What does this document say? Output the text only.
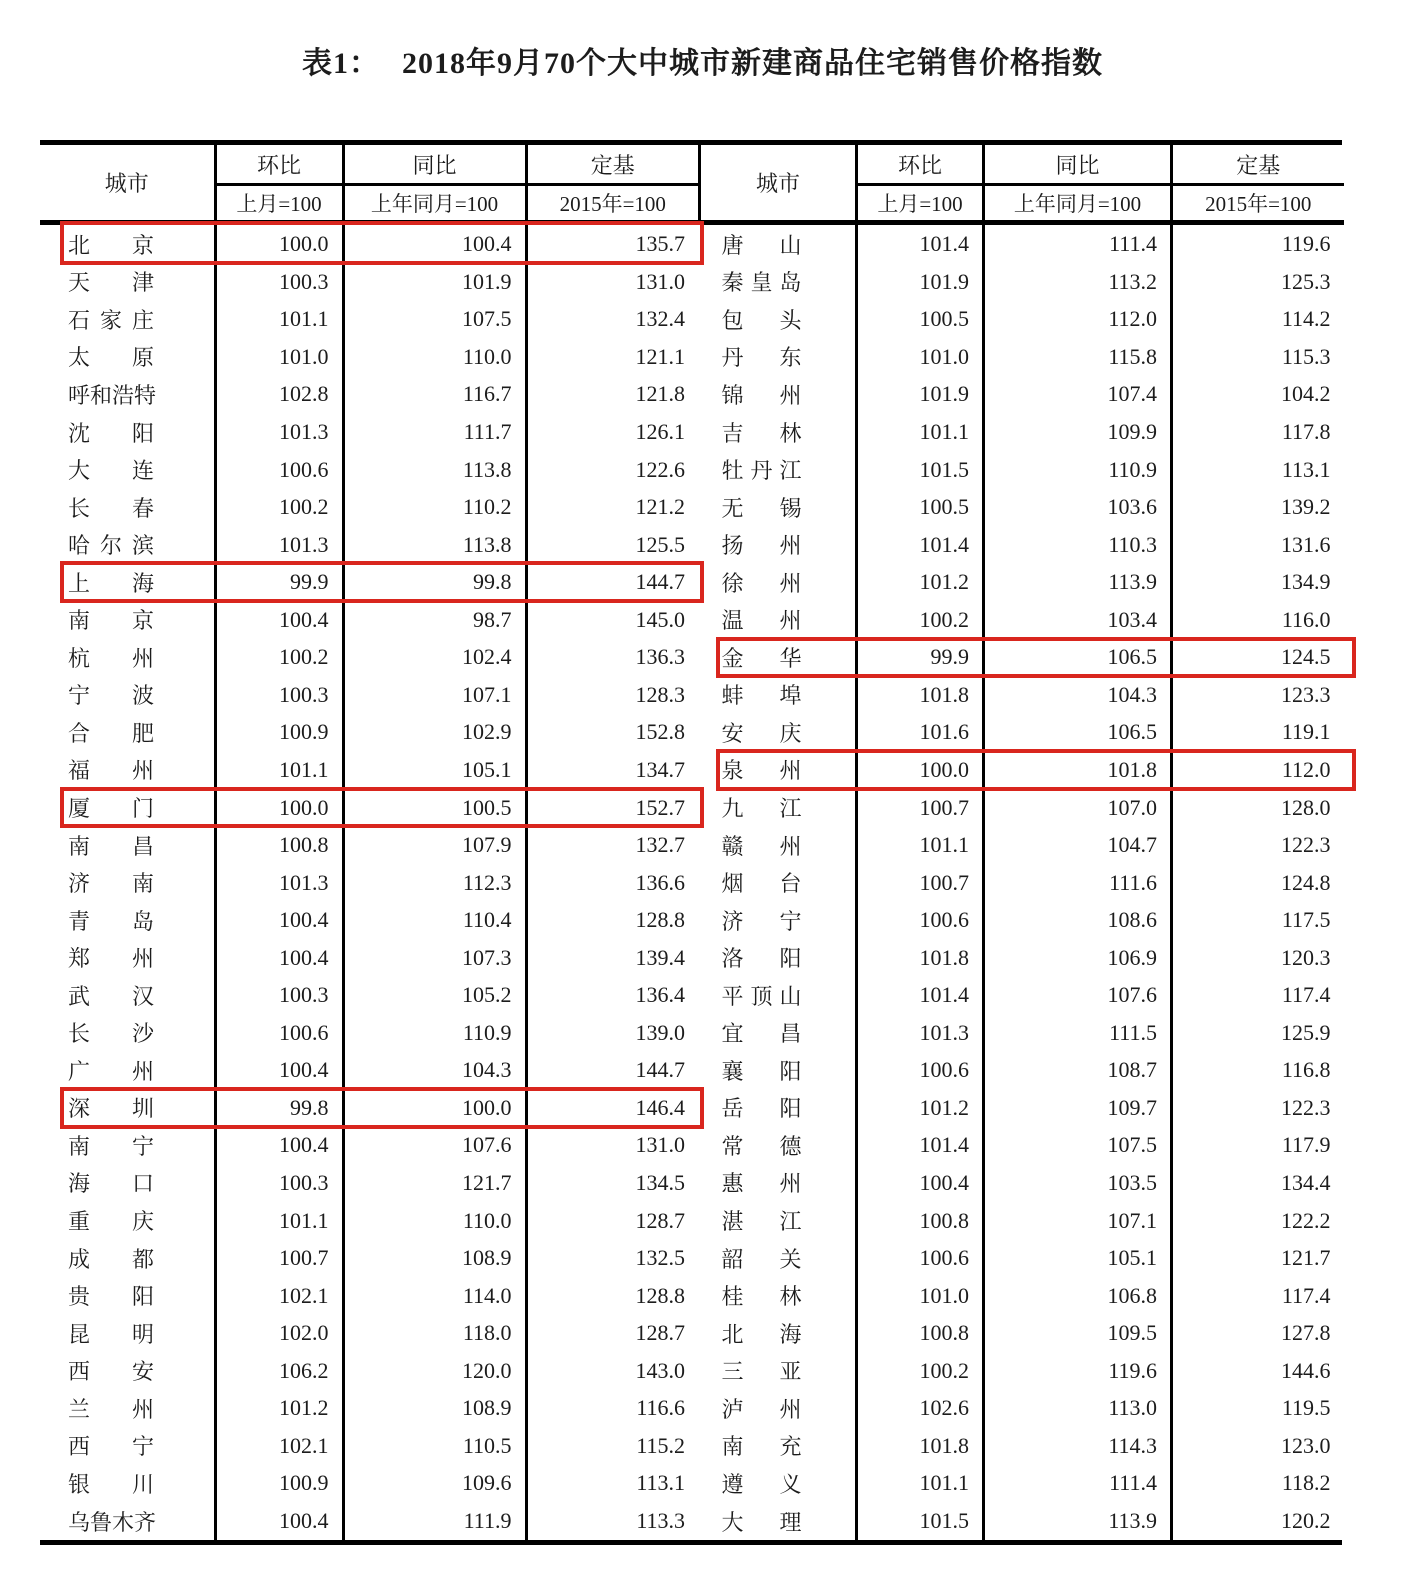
表1： 2018年9月70个大中城市新建商品住宅销售价格指数
城市	环比	同比	定基
	上月=100	上年同月=100	2015年=100

北京	100.0	100.4	135.7

天津	100.3	101.9	131.0

石家庄	101.1	107.5	132.4

太原	101.0	110.0	121.1

呼和浩特	102.8	116.7	121.8

沈阳	101.3	111.7	126.1

大连	100.6	113.8	122.6

长春	100.2	110.2	121.2

哈尔滨	101.3	113.8	125.5

上海	99.9	99.8	144.7

南京	100.4	98.7	145.0

杭州	100.2	102.4	136.3

宁波	100.3	107.1	128.3

合肥	100.9	102.9	152.8

福州	101.1	105.1	134.7

厦门	100.0	100.5	152.7

南昌	100.8	107.9	132.7

济南	101.3	112.3	136.6

青岛	100.4	110.4	128.8

郑州	100.4	107.3	139.4

武汉	100.3	105.2	136.4

长沙	100.6	110.9	139.0

广州	100.4	104.3	144.7

深圳	99.8	100.0	146.4

南宁	100.4	107.6	131.0

海口	100.3	121.7	134.5

重庆	101.1	110.0	128.7

成都	100.7	108.9	132.5

贵阳	102.1	114.0	128.8

昆明	102.0	118.0	128.7

西安	106.2	120.0	143.0

兰州	101.2	108.9	116.6

西宁	102.1	110.5	115.2

银川	100.9	109.6	113.1

乌鲁木齐	100.4	111.9	113.3
城市	环比	同比	定基
	上月=100	上年同月=100	2015年=100

唐山	101.4	111.4	119.6

秦皇岛	101.9	113.2	125.3

包头	100.5	112.0	114.2

丹东	101.0	115.8	115.3

锦州	101.9	107.4	104.2

吉林	101.1	109.9	117.8

牡丹江	101.5	110.9	113.1

无锡	100.5	103.6	139.2

扬州	101.4	110.3	131.6

徐州	101.2	113.9	134.9

温州	100.2	103.4	116.0

金华	99.9	106.5	124.5

蚌埠	101.8	104.3	123.3

安庆	101.6	106.5	119.1

泉州	100.0	101.8	112.0

九江	100.7	107.0	128.0

赣州	101.1	104.7	122.3

烟台	100.7	111.6	124.8

济宁	100.6	108.6	117.5

洛阳	101.8	106.9	120.3

平顶山	101.4	107.6	117.4

宜昌	101.3	111.5	125.9

襄阳	100.6	108.7	116.8

岳阳	101.2	109.7	122.3

常德	101.4	107.5	117.9

惠州	100.4	103.5	134.4

湛江	100.8	107.1	122.2

韶关	100.6	105.1	121.7

桂林	101.0	106.8	117.4

北海	100.8	109.5	127.8

三亚	100.2	119.6	144.6

泸州	102.6	113.0	119.5

南充	101.8	114.3	123.0

遵义	101.1	111.4	118.2

大理	101.5	113.9	120.2
